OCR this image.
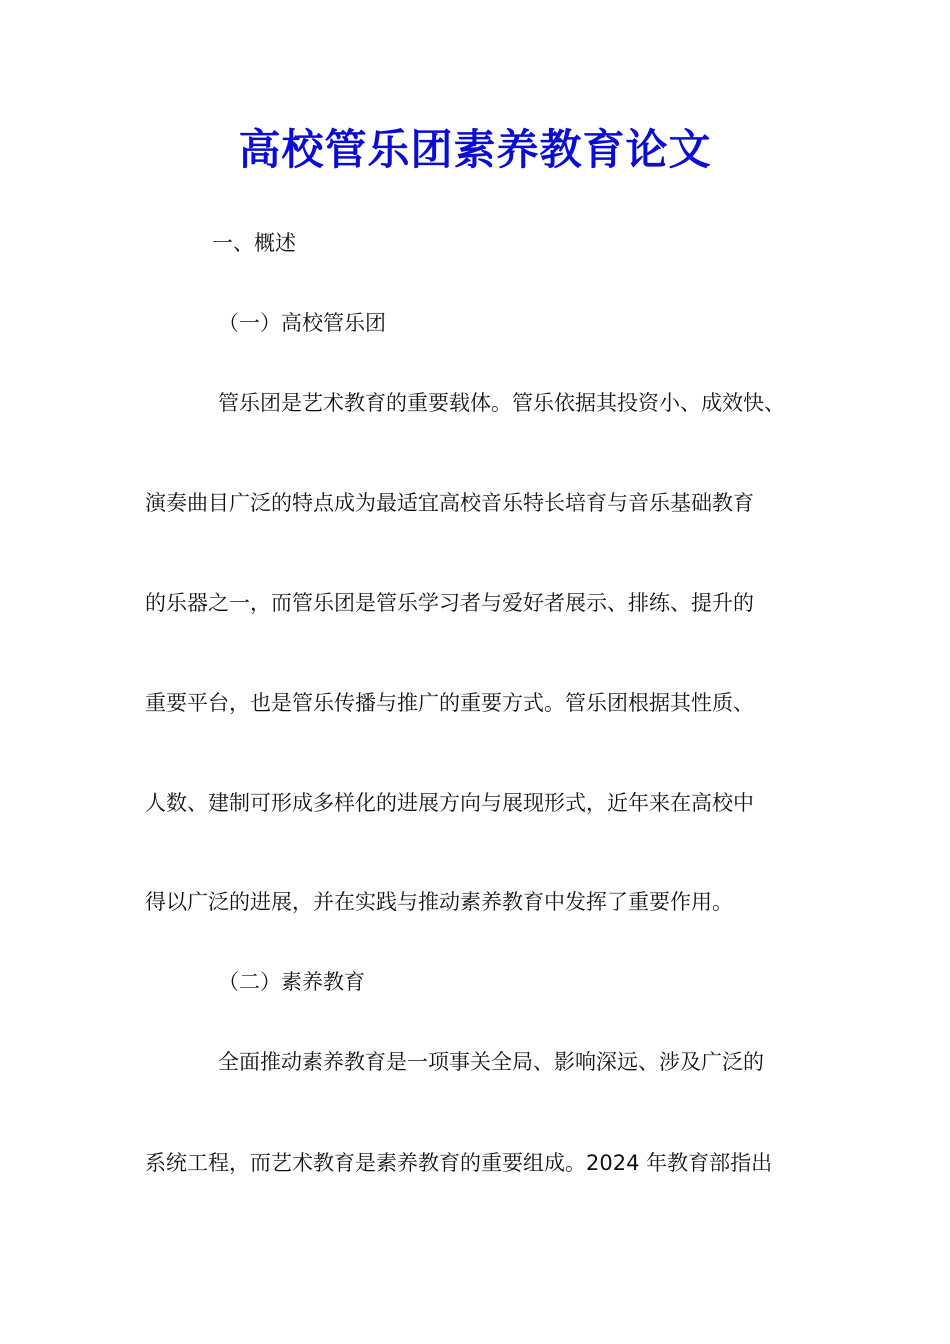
高校管乐团素养教育论文
一、概述
（一）高校管乐团
管乐团是艺术教育的重要载体。管乐依据其投资小、成效快、
演奏曲目广泛的特点成为最适宜高校音乐特长培育与音乐基础教育
的乐器之一，而管乐团是管乐学习者与爱好者展示、排练、提升的
重要平台，也是管乐传播与推广的重要方式。管乐团根据其性质、
人数、建制可形成多样化的进展方向与展现形式，近年来在高校中
得以广泛的进展，并在实践与推动素养教育中发挥了重要作用。
（二）素养教育
全面推动素养教育是一项事关全局、影响深远、涉及广泛的
系统工程，而艺术教育是素养教育的重要组成。2024 年教育部指出
